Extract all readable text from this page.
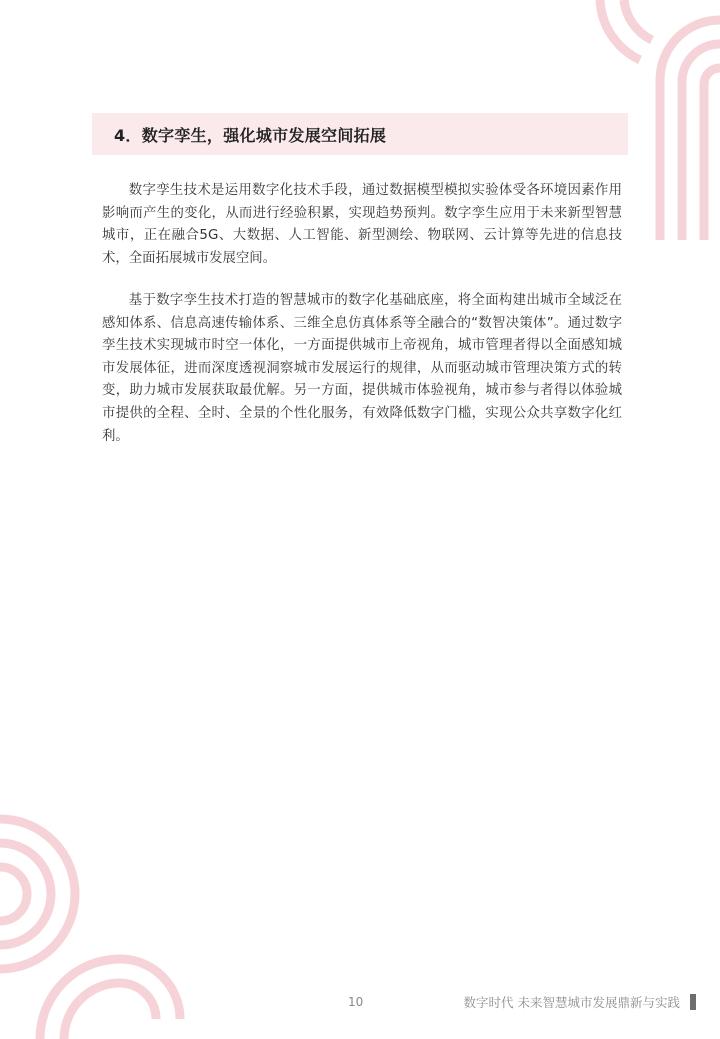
4．数字孪生，强化城市发展空间拓展

数字孪生技术是运用数字化技术手段，通过数据模型模拟实验体受各环境因素作用影响而产生的变化，从而进行经验积累，实现趋势预判。数字孪生应用于未来新型智慧城市，正在融合5G、大数据、人工智能、新型测绘、物联网、云计算等先进的信息技术，全面拓展城市发展空间。

基于数字孪生技术打造的智慧城市的数字化基础底座，将全面构建出城市全域泛在感知体系、信息高速传输体系、三维全息仿真体系等全融合的“数智决策体”。通过数字孪生技术实现城市时空一体化，一方面提供城市上帝视角，城市管理者得以全面感知城市发展体征，进而深度透视洞察城市发展运行的规律，从而驱动城市管理决策方式的转变，助力城市发展获取最优解。另一方面，提供城市体验视角，城市参与者得以体验城市提供的全程、全时、全景的个性化服务，有效降低数字门槛，实现公众共享数字化红利。

10	数字时代 未来智慧城市发展鼎新与实践
